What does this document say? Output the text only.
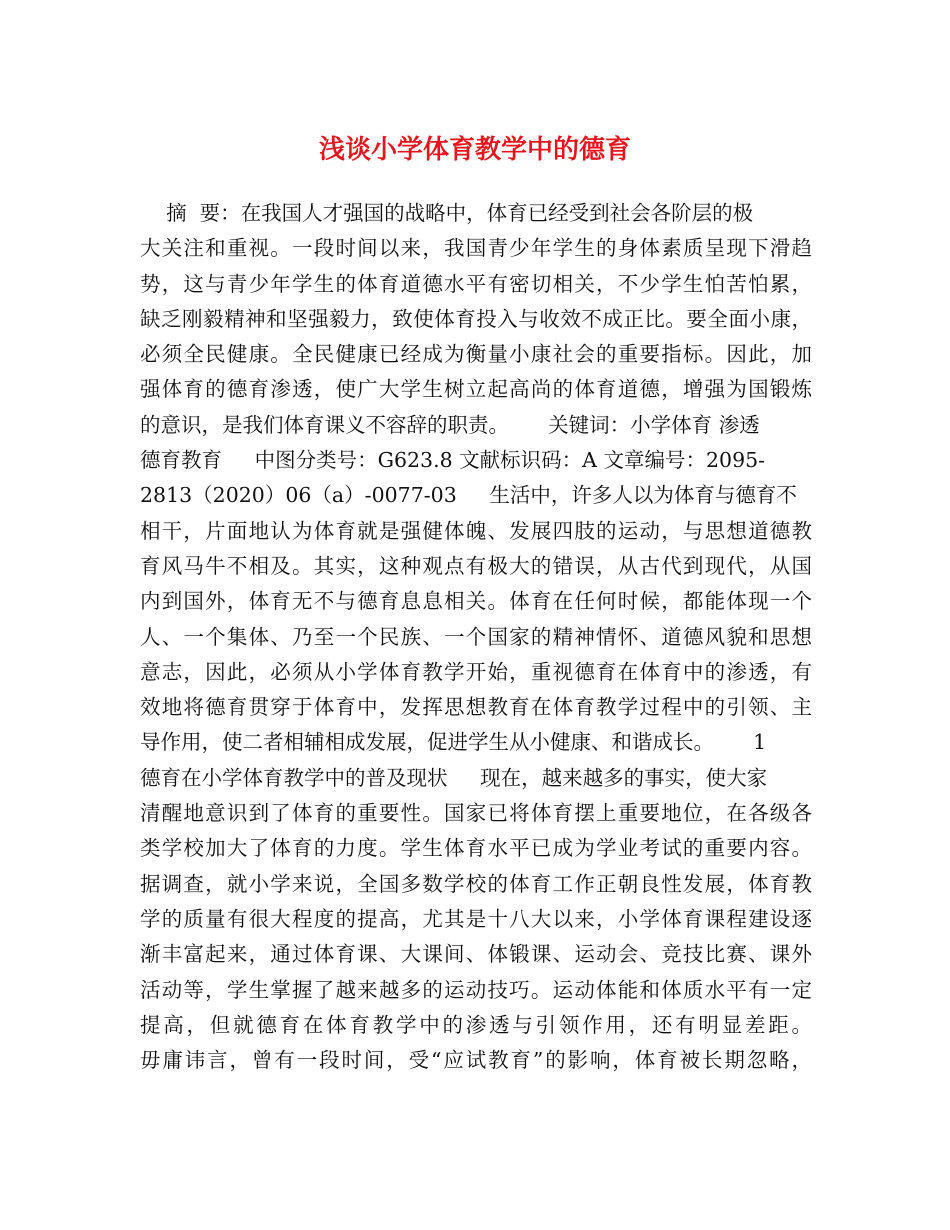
浅谈小学体育教学中的德育
摘  要：在我国人才强国的战略中，体育已经受到社会各阶层的极
大关注和重视。一段时间以来，我国青少年学生的身体素质呈现下滑趋
势，这与青少年学生的体育道德水平有密切相关，不少学生怕苦怕累，
缺乏刚毅精神和坚强毅力，致使体育投入与收效不成正比。要全面小康，
必须全民健康。全民健康已经成为衡量小康社会的重要指标。因此，加
强体育的德育渗透，使广大学生树立起高尚的体育道德，增强为国锻炼
的意识，是我们体育课义不容辞的职责。      关键词：小学体育 渗透
德育教育     中图分类号：G623.8 文献标识码：A 文章编号：2095-
2813（2020）06（a）-0077-03     生活中，许多人以为体育与德育不
相干，片面地认为体育就是强健体魄、发展四肢的运动，与思想道德教
育风马牛不相及。其实，这种观点有极大的错误，从古代到现代，从国
内到国外，体育无不与德育息息相关。体育在任何时候，都能体现一个
人、一个集体、乃至一个民族、一个国家的精神情怀、道德风貌和思想
意志，因此，必须从小学体育教学开始，重视德育在体育中的渗透，有
效地将德育贯穿于体育中，发挥思想教育在体育教学过程中的引领、主
导作用，使二者相辅相成发展，促进学生从小健康、和谐成长。      1
德育在小学体育教学中的普及现状     现在，越来越多的事实，使大家
清醒地意识到了体育的重要性。国家已将体育摆上重要地位，在各级各
类学校加大了体育的力度。学生体育水平已成为学业考试的重要内容。
据调查，就小学来说，全国多数学校的体育工作正朝良性发展，体育教
学的质量有很大程度的提高，尤其是十八大以来，小学体育课程建设逐
渐丰富起来，通过体育课、大课间、体锻课、运动会、竞技比赛、课外
活动等，学生掌握了越来越多的运动技巧。运动体能和体质水平有一定
提高，但就德育在体育教学中的渗透与引领作用，还有明显差距。
毋庸讳言，曾有一段时间，受“应试教育”的影响，体育被长期忽略，
